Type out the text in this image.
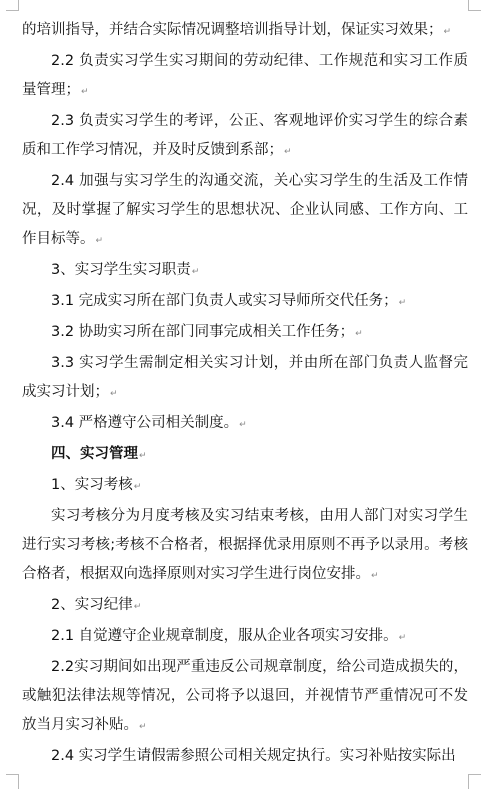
的培训指导，并结合实际情况调整培训指导计划，保证实习效果；↵

2.2 负责实习学生实习期间的劳动纪律、工作规范和实习工作质量管理；↵

2.3 负责实习学生的考评，公正、客观地评价实习学生的综合素质和工作学习情况，并及时反馈到系部；↵

2.4 加强与实习学生的沟通交流，关心实习学生的生活及工作情况，及时掌握了解实习学生的思想状况、企业认同感、工作方向、工作目标等。↵

3、实习学生实习职责↵

3.1 完成实习所在部门负责人或实习导师所交代任务；↵

3.2 协助实习所在部门同事完成相关工作任务；↵

3.3 实习学生需制定相关实习计划，并由所在部门负责人监督完成实习计划；↵

3.4 严格遵守公司相关制度。↵

四、实习管理↵

1、实习考核↵

实习考核分为月度考核及实习结束考核，由用人部门对实习学生进行实习考核;考核不合格者，根据择优录用原则不再予以录用。考核合格者，根据双向选择原则对实习学生进行岗位安排。↵

2、实习纪律↵

2.1 自觉遵守企业规章制度，服从企业各项实习安排。↵

2.2实习期间如出现严重违反公司规章制度，给公司造成损失的，或触犯法律法规等情况，公司将予以退回，并视情节严重情况可不发放当月实习补贴。↵

2.4 实习学生请假需参照公司相关规定执行。实习补贴按实际出
